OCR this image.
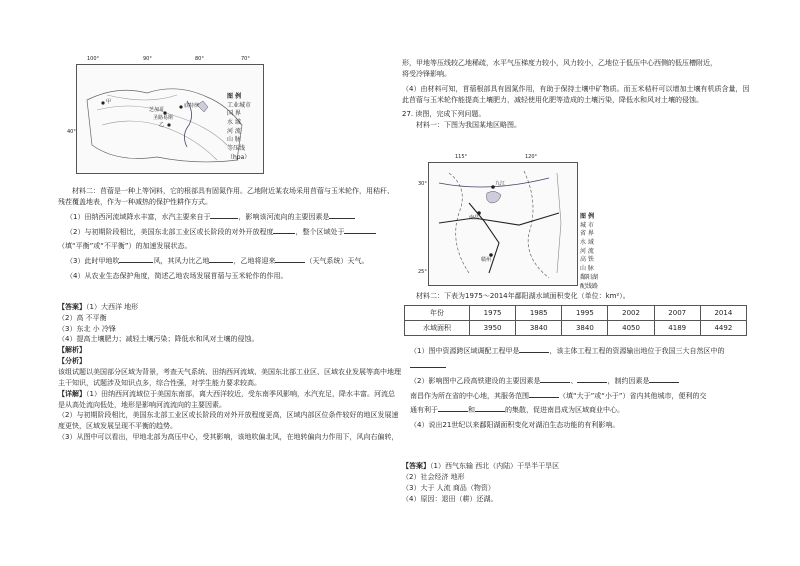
100°	90°	80°	70°
40°
甲
乙
底特律
芝加哥
圣路易斯

图 例

工业城市

国 界

水 域

河 流

山 脉

等压线

（hpa）

材料二：苜蓿是一种上等饲料，它的根部具有固氮作用。乙地附近某农场采用苜蓿与玉米轮作，用秸秆、

残茬覆盖地表，作为一种减热的保护性耕作方式。

（1）田纳西河流域降水丰富，水汽主要来自于	，影响该河流向的主要因素是

（2）与初期阶段相比，美国东北部工业区或长阶段的对外开放程度	，整个区域处于

（填“平衡”或“不平衡”）的加速发展状态。

（3）此时甲地吹	风，其风力比乙地	，乙地将迎来	（天气系统）天气。

（4）从农业生态保护角度，简述乙地农场发展苜蓿与玉米轮作的作用。

【答案】（1）大西洋 地形

（2）高 不平衡

（3）东北 小 冷锋

（4）提高土壤肥力；减轻土壤污染；降低水和风对土壤的侵蚀。

【解析】

【分析】

该组试题以美国部分区域为背景，考查天气系统、田纳西河流域、美国东北部工业区、区域农业发展等高中地理

主干知识，试题涉及知识点多，综合性强，对学生能力要求较高。

【详解】（1）田纳西河流域位于美国东南部，离大西洋较近，受东南季风影响，水汽充足，降水丰富。河流总

是从高处流向低处，地形是影响河流流向的主要因素。

（2）与初期阶段相比，美国东北部工业区或长阶段的对外开放程度更高，区域内部区位条件较好的地区发展速

度更快，区域发展呈现不平衡的趋势。

（3）从图中可以看出，甲地北部为高压中心，受其影响，该地吹偏北风，在地转偏向力作用下，风向右偏转，

形，甲地等压线较乙地稀疏，水平气压梯度力较小，风力较小，乙地位于低压中心西侧的低压槽附近，

将受冷锋影响。

（4）由材料可知，苜蓿根部具有固氮作用，有助于保持土壤中矿物质。而玉米秸秆可以增加土壤有机质含量，因

此苜蓿与玉米轮作能提高土壤肥力，减轻使用化肥等造成的土壤污染，降低水和风对土壤的侵蚀。

27. 读图，完成下列问题。

材料一：下图为我国某地区略图。

115°	120°
30°
25°
南昌
赣州
九江

图 例

城 市

省 界

水 域

河 流

高 铁

山 脉

鄱阳湖

配线路

材料二：下表为1975～2014年鄱阳湖水域面积变化（单位：km²）。

年份	1975	1985	1995	2002	2007	2014
水域面积	3950	3840	3840	4050	4189	4492

（1）图中资源跨区域调配工程甲是	，该主体工程工程的资源输出地位于我国三大自然区中的

（2）影响图中乙段高铁建设的主要因素是	、	，制约因素是

南昌作为所在省的中心地，其服务范围	（填“大于”或“小于”）省内其他城市，便利的交

通有利于	和	的集散，促进南昌成为区域商业中心。

（4）说出21世纪以来鄱阳湖面积变化对湖泊生态功能的有利影响。

【答案】（1）西气东输 西北（内陆）干旱半干旱区

（2）社会经济 地形

（3）大于 人流 商品（物资）

（4）原因：退田（耕）还湖。
